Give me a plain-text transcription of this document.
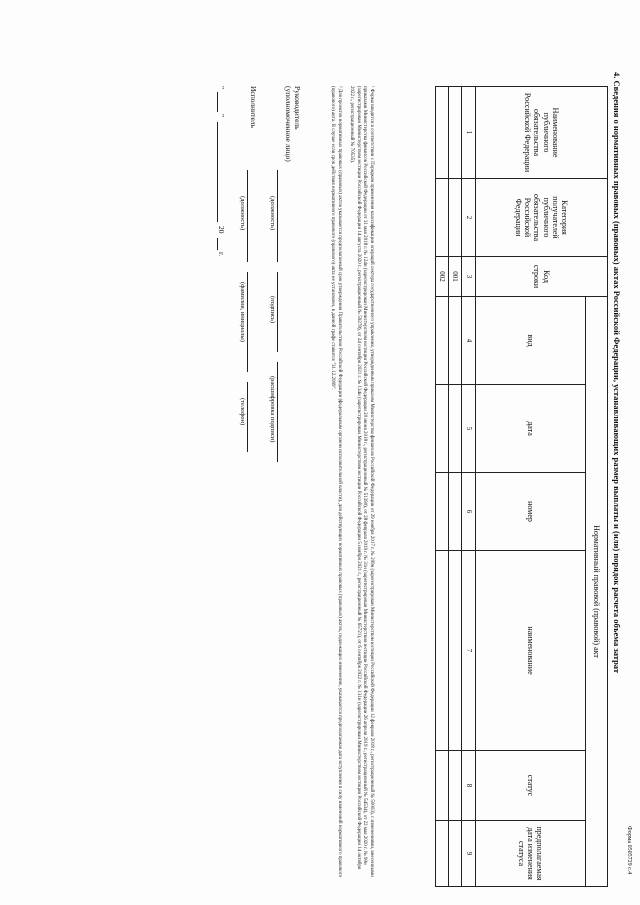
Форма 0505729 с.4
4. Сведения о нормативных правовых (правовых) актах Российской Федерации, устанавливающих размер выплаты и (или) порядок расчета объема затрат
Наименование публичного обязательства Российской Федерации	Категория получателей публичного обязательства Российской Федерации	Код строки	Нормативный правовой (правовой) акт					
			вид	дата	номер	наименование	статус	предполагаемая дата изменения статуса
1	2	3	4	5	6	7	8	9
		001						
		002						
¹ Форма вводится в соответствии с Порядком применения классификации операций сектора государственного управления, утвержденным приказом Министерства финансов Российской Федерации от 29 ноября 2017 г. № 209н (зарегистрирован Министерством юстиции Российской Федерации 12 февраля 2018 г., регистрационный № 50003), с изменениями, внесенными приказами Министерства финансов Российской Федерации от 31 мая 2018 г. № 124н (зарегистрирован Министерством юстиции Российской Федерации 20 июня 2018 г., регистрационный № 51390), от 28 февраля 2019 г. № 31н (зарегистрирован Министерством юстиции Российской Федерации 26 апреля 2019 г., регистрационный № 54534), от 22 мая 2020 г. № 90н (зарегистрирован Министерством юстиции Российской Федерации 14 августа 2020 г., регистрационный № 59278), от 24 сентября 2021 г. № 134н (зарегистрирован Министерством юстиции Российской Федерации 5 ноября 2021 г., регистрационный № 65721), от 6 сентября 2022 г. № 131н (зарегистрирован Министерством юстиции Российской Федерации 14 октября 2022 г., регистрационный № 70535).
² Для проектов нормативных правовых (правовых) актов указывается предполагаемый срок утверждения Правительством Российской Федерации (федеральным органом исполнительной власти), для действующих нормативных правовых (правовых) актов, подлежащих изменению, указывается предполагаемая дата вступления в силу изменений нормативного правового (правового) акта. В случае если срок действия нормативного правового (правового) акта не установлен, в данной графе ставится "31.12.2099".
Руководитель (уполномоченное лицо)
(должность)
(подпись)
(расшифровка подписи)
Исполнитель
(должность)
(фамилия, инициалы)
(телефон)
"
"
20
г.
